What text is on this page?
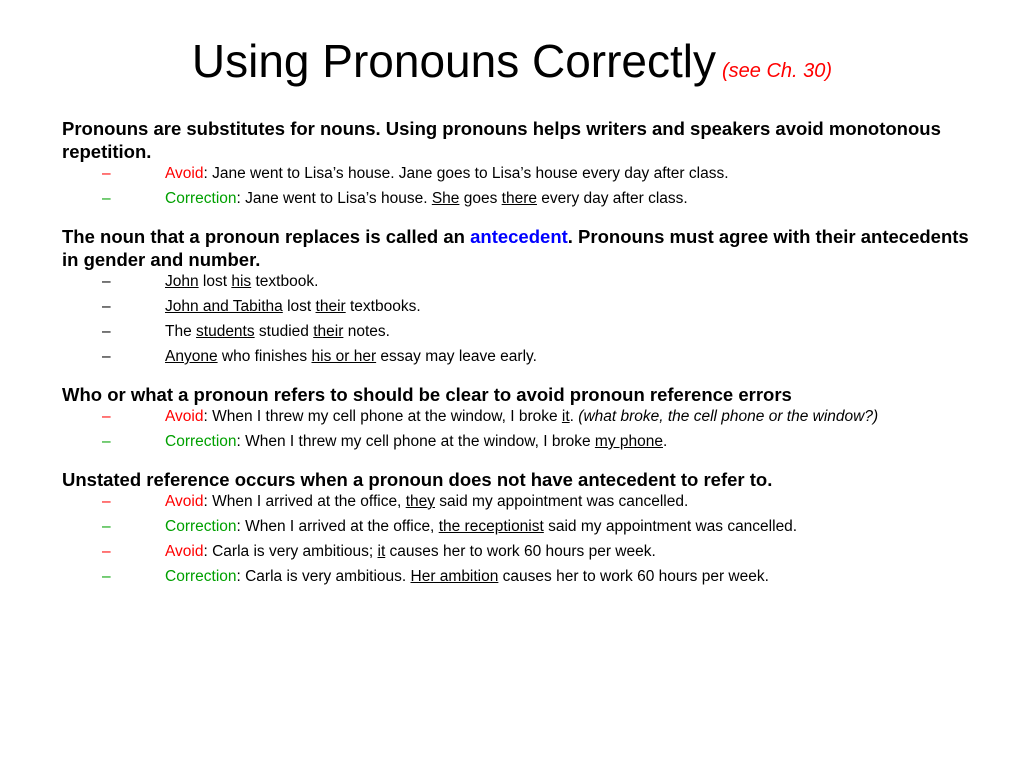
Using Pronouns Correctly (see Ch. 30)
Pronouns are substitutes for nouns. Using pronouns helps writers and speakers avoid monotonous repetition.
–	Avoid: Jane went to Lisa’s house. Jane goes to Lisa’s house every day after class.
–	Correction: Jane went to Lisa’s house. She goes there every day after class.
The noun that a pronoun replaces is called an antecedent. Pronouns must agree with their antecedents in gender and number.
–	John lost his textbook.
–	John and Tabitha lost their textbooks.
–	The students studied their notes.
–	Anyone who finishes his or her essay may leave early.
Who or what a pronoun refers to should be clear to avoid pronoun reference errors
–	Avoid: When I threw my cell phone at the window, I broke it. (what broke, the cell phone or the window?)
–	Correction: When I threw my cell phone at the window, I broke my phone.
Unstated reference occurs when a pronoun does not have antecedent to refer to.
–	Avoid: When I arrived at the office, they said my appointment was cancelled.
–	Correction: When I arrived at the office, the receptionist said my appointment was cancelled.
–	Avoid: Carla is very ambitious; it causes her to work 60 hours per week.
–	Correction: Carla is very ambitious. Her ambition causes her to work 60 hours per week.
